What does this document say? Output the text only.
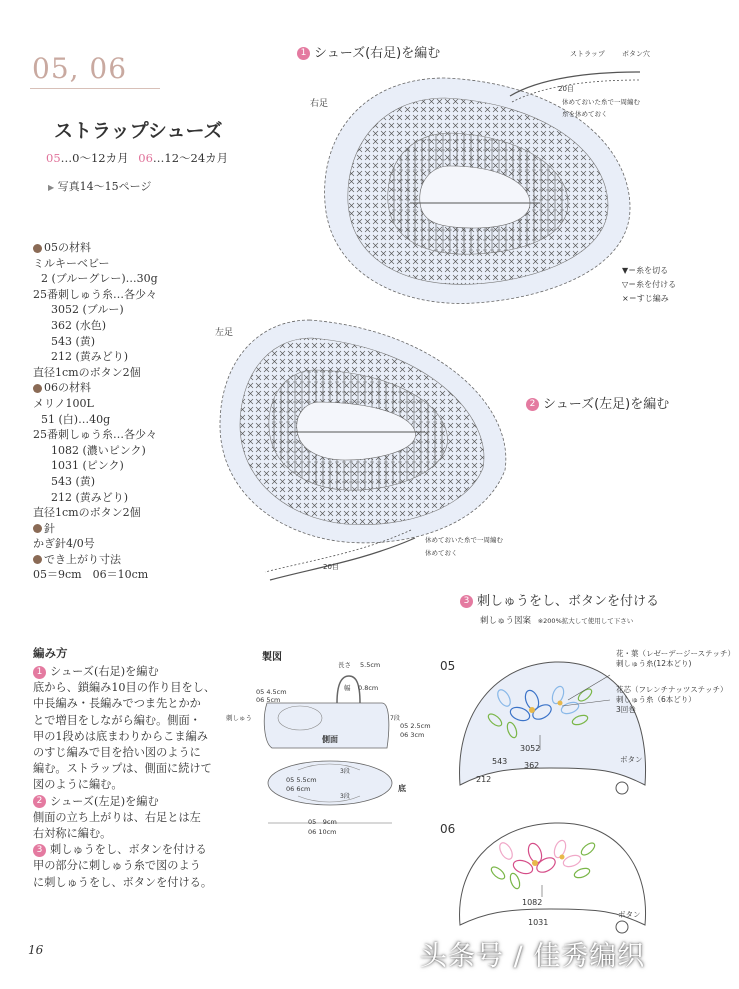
05, 06
ストラップシューズ
05…0～12カ月 06…12～24カ月
▶ 写真14～15ページ
05の材料
ミルキーベビー
2 (ブルーグレー)…30g
25番刺しゅう糸…各少々
3052 (ブルー)
362 (水色)
543 (黄)
212 (黄みどり)
直径1cmのボタン2個
06の材料
メリノ100L
51 (白)…40g
25番刺しゅう糸…各少々
1082 (濃いピンク)
1031 (ピンク)
543 (黄)
212 (黄みどり)
直径1cmのボタン2個
針
かぎ針4/0号
でき上がり寸法
05＝9cm　06＝10cm
編み方
1 シューズ(右足)を編む
底から、鎖編み10目の作り目をし、
中長編み・長編みでつま先とかか
とで増目をしながら編む。側面・
甲の1段めは底まわりからこま編み
のすじ編みで目を拾い図のように
編む。ストラップは、側面に続けて
図のように編む。
2 シューズ(左足)を編む
側面の立ち上がりは、右足とは左
右対称に編む。
3 刺しゅうをし、ボタンを付ける
甲の部分に刺しゅう糸で図のよう
に刺しゅうをし、ボタンを付ける。
1 シューズ(右足)を編む
右足
ストラップ ボタン穴
20目
休めておいた糸で一周編む
糸を休めておく
▼＝糸を切る
▽＝糸を付ける
×＝すじ編み
左足
休めておいた糸で一周編む
休めておく
20目
2 シューズ(左足)を編む
製図
長さ 5.5cm
幅 0.8cm
05 4.5cm
06 5cm
刺しゅう
側面
05 2.5cm
06 3cm
7段
05 5.5cm
06 6cm
3段
3段
底
05　9cm
06 10cm
3 刺しゅうをし、ボタンを付ける
刺しゅう図案 ※200%拡大して使用して下さい
05
花・葉（レゼーデージーステッチ）
刺しゅう糸(12本どり)
花芯（フレンチナッツステッチ）
刺しゅう糸（6本どり）
3回巻
3052
543 362
212
ボタン
06
1082
1031
ボタン
16	头条号 / 佳秀编织
